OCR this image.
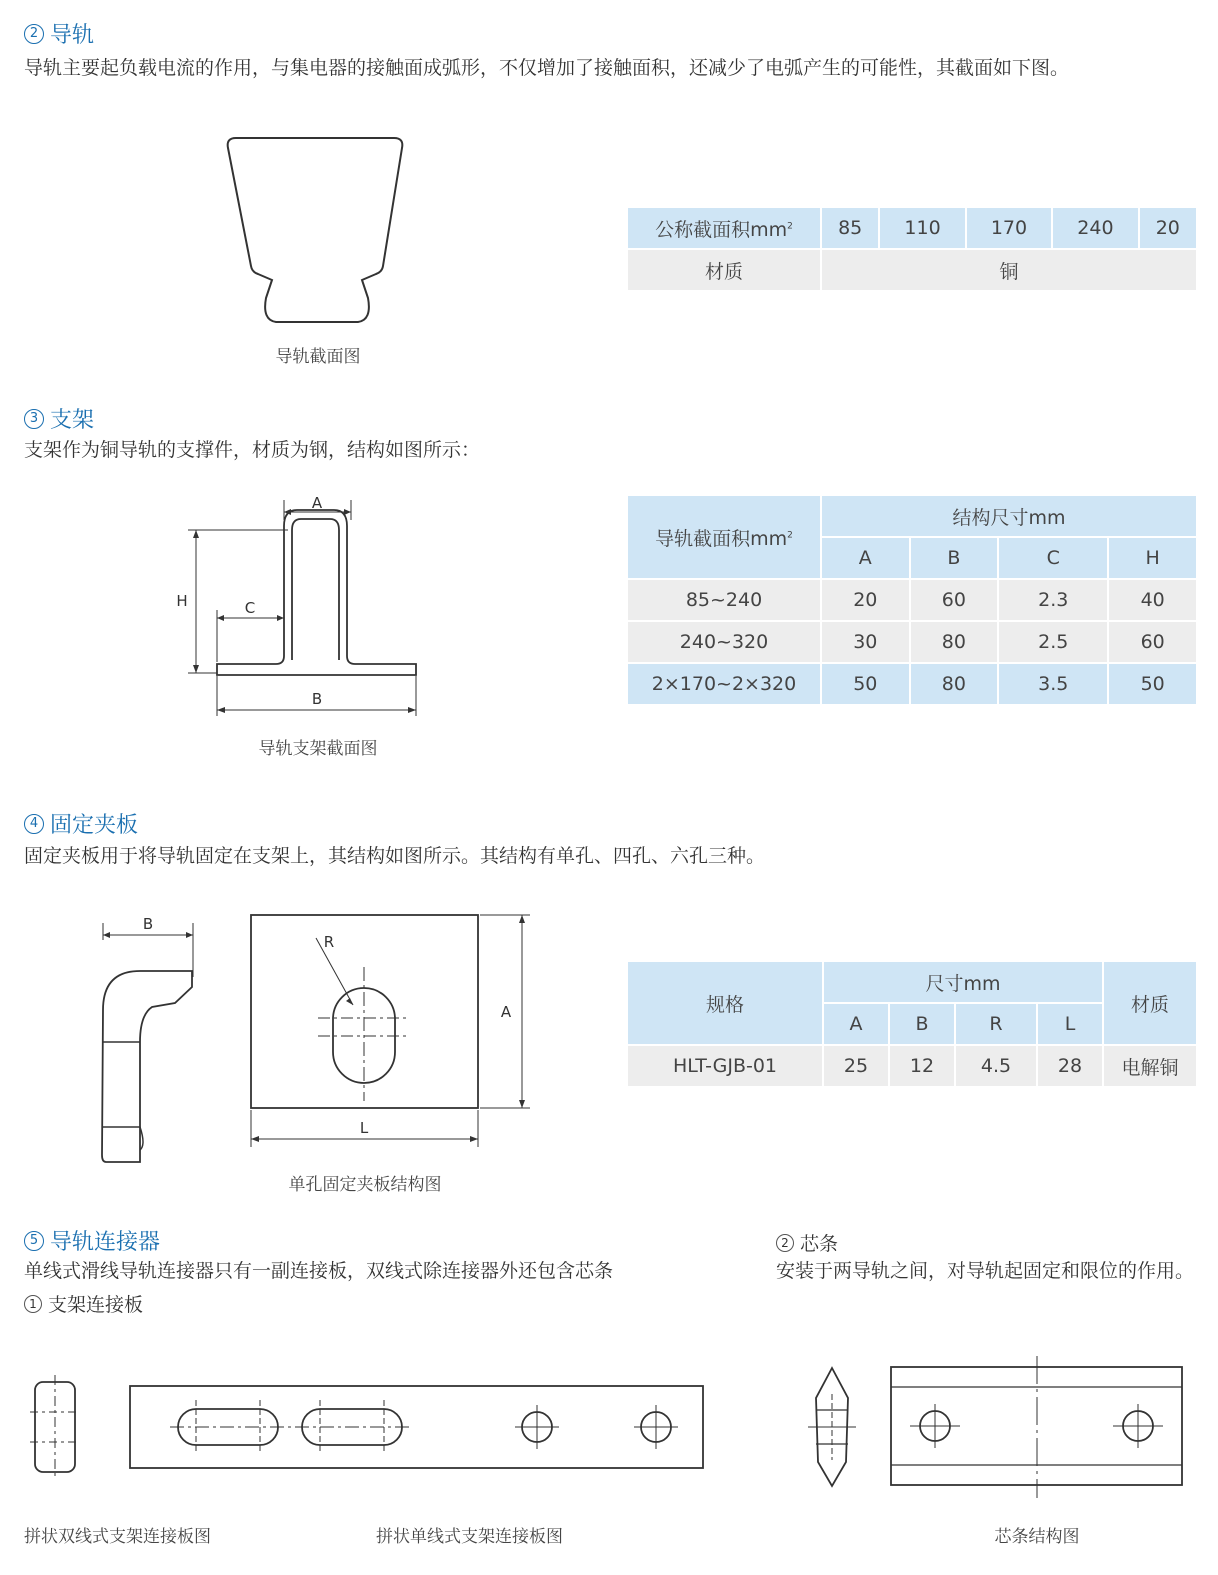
2 导轨
导轨主要起负载电流的作用，与集电器的接触面成弧形，不仅增加了接触面积，还减少了电弧产生的可能性，其截面如下图。
导轨截面图
公称截面积$mm^2$	85	110	170	240	20
材质	铜				
3 支架
支架作为铜导轨的支撑件，材质为钢，结构如图所示：
A
H	C
B
导轨支架截面图
导轨截面积$mm^2$	结构尺寸mm			
	A	B	C	H
85~240	20	60	2.3	40
240~320	30	80	2.5	60
2×170~2×320	50	80	3.5	50
4 固定夹板
固定夹板用于将导轨固定在支架上，其结构如图所示。其结构有单孔、四孔、六孔三种。
B
R
A
L
单孔固定夹板结构图
规格	尺寸mm				材质
	A	B	R	L	
HLT-GJB-01	25	12	4.5	28	电解铜
5 导轨连接器
单线式滑线导轨连接器只有一副连接板，双线式除连接器外还包含芯条
1 支架连接板
2 芯条
安装于两导轨之间，对导轨起固定和限位的作用。
拼状双线式支架连接板图	拼状单线式支架连接板图	芯条结构图
